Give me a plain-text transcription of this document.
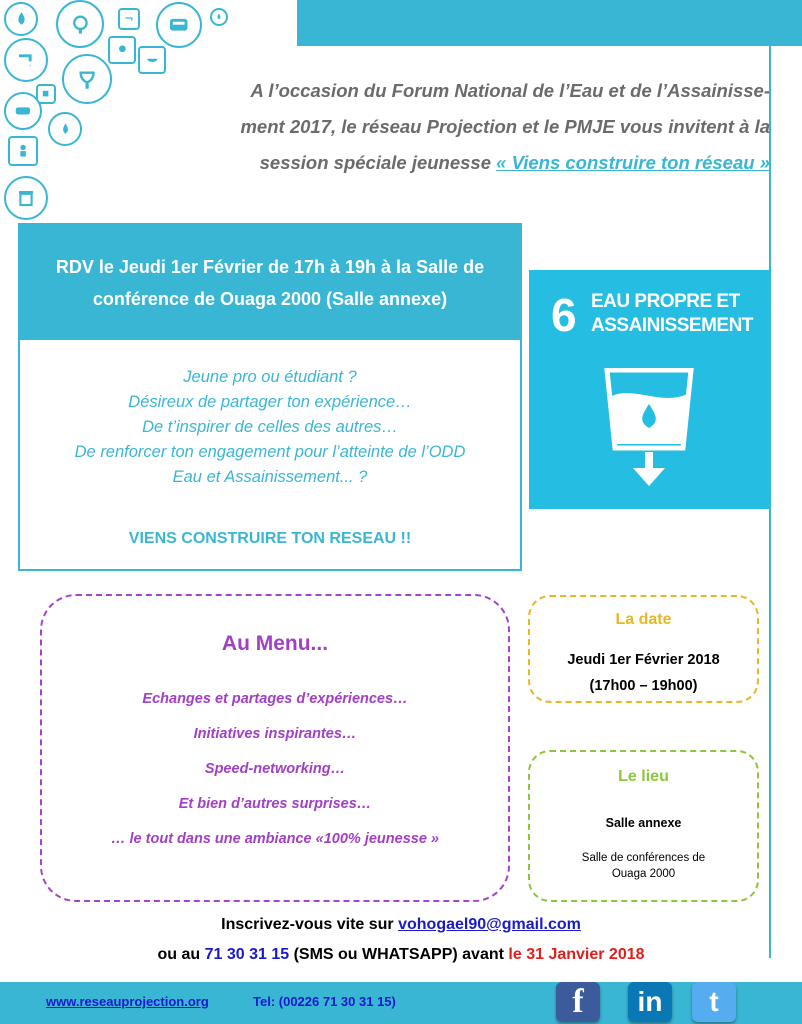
A l’occasion du Forum National de l’Eau et de l’Assainisse-
ment 2017, le réseau Projection et le PMJE vous invitent à la
session spéciale jeunesse « Viens construire ton réseau »
RDV le Jeudi 1er Février de 17h à 19h à la Salle de conférence de Ouaga 2000 (Salle annexe)
Jeune pro ou étudiant ?
Désireux de partager ton expérience…
De t’inspirer de celles des autres…
De renforcer ton engagement pour l’atteinte de l’ODD
Eau et Assainissement... ?
VIENS CONSTRUIRE TON RESEAU !!
6 EAU PROPRE ET
ASSAINISSEMENT
Au Menu...
Echanges et partages d’expériences…
Initiatives inspirantes…
Speed-networking…
Et bien d’autres surprises…
… le tout dans une ambiance «100% jeunesse »
La date
Jeudi 1er Février 2018
(17h00 – 19h00)
Le lieu
Salle annexe
Salle de conférences de
Ouaga 2000
Inscrivez-vous vite sur vohogael90@gmail.com
ou au 71 30 31 15 (SMS ou WHATSAPP) avant le 31 Janvier 2018
www.reseauprojection.org	Tel: (00226 71 30 31 15)	f	in	t
